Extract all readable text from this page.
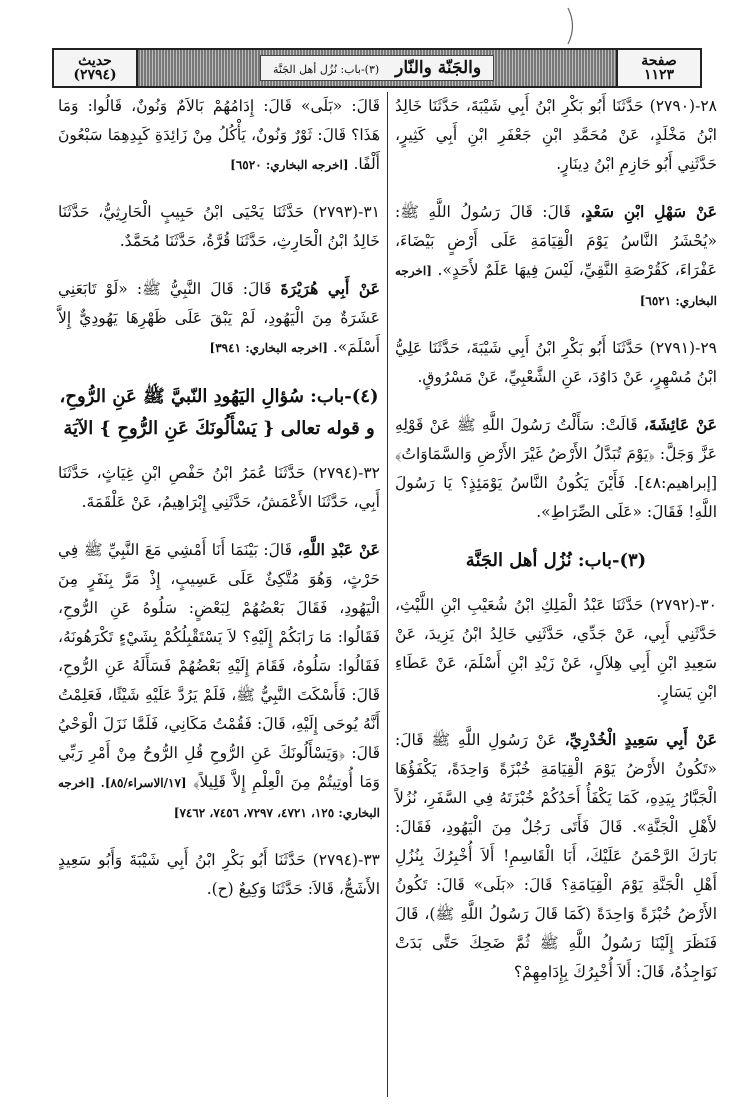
حديث
(٢٧٩٤)	والجَنّة والنّار
(٣)-باب: نُزُل أهل الجَنَّة
صفحة
١١٢٣

٢٨-(٢٧٩٠) حَدَّثَنَا أَبُو بَكْرِ ابْنُ أَبِي شَيْبَةَ، حَدَّثَنَا خَالِدُ ابْنُ مَخْلَدٍ، عَنْ مُحَمَّدِ ابْنِ جَعْفَرِ ابْنِ أَبِي كَثِيرٍ، حَدَّثَنِي أَبُو حَازِمِ ابْنُ دِينَارٍ.

عَنْ سَهْلِ ابْنِ سَعْدٍ، قَالَ: قَالَ رَسُولُ اللَّهِ ﷺ: «يُحْشَرُ النَّاسُ يَوْمَ الْقِيَامَةِ عَلَى أَرْضٍ بَيْضَاءَ، عَفْرَاءَ، كَقُرْصَةِ النَّقِيِّ، لَيْسَ فِيهَا عَلَمٌ لأَحَدٍ». [اخرجه البخاري: ٦٥٢١]

٢٩-(٢٧٩١) حَدَّثَنَا أَبُو بَكْرِ ابْنُ أَبِي شَيْبَةَ، حَدَّثَنَا عَلِيُّ ابْنُ مُسْهِرٍ، عَنْ دَاوُدَ، عَنِ الشَّعْبِيِّ، عَنْ مَسْرُوقٍ.

عَنْ عَائِشَةَ، قَالَتْ: سَأَلْتُ رَسُولَ اللَّهِ ﷺ عَنْ قَوْلِهِ عَزَّ وَجَلَّ: ﴿يَوْمَ تُبَدَّلُ الأَرْضُ غَيْرَ الأَرْضِ وَالسَّمَاوَاتُ﴾ [إبراهيم:٤٨]. فَأَيْنَ يَكُونُ النَّاسُ يَوْمَئِذٍ؟ يَا رَسُولَ اللَّهِ! فَقَالَ: «عَلَى الصِّرَاطِ».

(٣)-باب: نُزُل أهل الجَنَّة

٣٠-(٢٧٩٢) حَدَّثَنَا عَبْدُ الْمَلِكِ ابْنُ شُعَيْبِ ابْنِ اللَّيْثِ، حَدَّثَنِي أَبِي، عَنْ جَدِّي، حَدَّثَنِي خَالِدُ ابْنُ يَزِيدَ، عَنْ سَعِيدِ ابْنِ أَبِي هِلاَلٍ، عَنْ زَيْدِ ابْنِ أَسْلَمَ، عَنْ عَطَاءِ ابْنِ يَسَارٍ.

عَنْ أَبِي سَعِيدٍ الْخُدْرِيِّ، عَنْ رَسُولِ اللَّهِ ﷺ قَالَ: «تَكُونُ الأَرْضُ يَوْمَ الْقِيَامَةِ خُبْزَةً وَاحِدَةً، يَكْفَؤُهَا الْجَبَّارُ بِيَدِهِ، كَمَا يَكْفَأُ أَحَدُكُمْ خُبْزَتَهُ فِي السَّفَرِ، نُزُلاً لأَهْلِ الْجَنَّةِ». قَالَ فَأَتَى رَجُلٌ مِنَ الْيَهُودِ، فَقَالَ: بَارَكَ الرَّحْمَنُ عَلَيْكَ، أَبَا الْقَاسِمِ! أَلاَ أُخْبِرُكَ بِنُزُلِ أَهْلِ الْجَنَّةِ يَوْمَ الْقِيَامَةِ؟ قَالَ: «بَلَى» قَالَ: تَكُونُ الأَرْضُ خُبْزَةً وَاحِدَةً (كَمَا قَالَ رَسُولُ اللَّهِ ﷺ)، قَالَ فَنَظَرَ إِلَيْنَا رَسُولُ اللَّهِ ﷺ ثُمَّ ضَحِكَ حَتَّى بَدَتْ نَوَاجِذُهُ، قَالَ: أَلاَ أُخْبِرُكَ بِإِدَامِهِمْ؟

قَالَ: «بَلَى» قَالَ: إِدَامُهُمْ بَالاَمٌ وَنُونٌ، قَالُوا: وَمَا هَذَا؟ قَالَ: ثَوْرٌ وَنُونٌ، يَأْكُلُ مِنْ زَائِدَةِ كَبِدِهِمَا سَبْعُونَ أَلْفًا. [اخرجه البخاري: ٦٥٢٠]

٣١-(٢٧٩٣) حَدَّثَنَا يَحْيَى ابْنُ حَبِيبٍ الْحَارِثِيُّ، حَدَّثَنَا خَالِدُ ابْنُ الْحَارِثِ، حَدَّثَنَا قُرَّةُ، حَدَّثَنَا مُحَمَّدٌ.

عَنْ أَبِي هُرَيْرَةَ قَالَ: قَالَ النَّبِيُّ ﷺ: «لَوْ تَابَعَنِي عَشَرَةٌ مِنَ الْيَهُودِ، لَمْ يَبْقَ عَلَى ظَهْرِهَا يَهُودِيٌّ إِلاَّ أَسْلَمَ». [اخرجه البخاري: ٣٩٤١]

(٤)-باب: سُؤالِ اليَهُودِ النّبيَّ ﷺ عَنِ الرُّوحِ، و قوله تعالى { يَسْأَلُونَكَ عَنِ الرُّوحِ } الآيَة

٣٢-(٢٧٩٤) حَدَّثَنَا عُمَرُ ابْنُ حَفْصِ ابْنِ غِيَاثٍ، حَدَّثَنَا أَبِي، حَدَّثَنَا الأَعْمَشُ، حَدَّثَنِي إِبْرَاهِيمُ، عَنْ عَلْقَمَةَ.

عَنْ عَبْدِ اللَّهِ، قَالَ: بَيْنَمَا أَنَا أَمْشِي مَعَ النَّبِيِّ ﷺ فِي حَرْثٍ، وَهُوَ مُتَّكِئٌ عَلَى عَسِيبٍ، إِذْ مَرَّ بِنَفَرٍ مِنَ الْيَهُودِ، فَقَالَ بَعْضُهُمْ لِبَعْضٍ: سَلُوهُ عَنِ الرُّوحِ، فَقَالُوا: مَا رَابَكُمْ إِلَيْهِ؟ لاَ يَسْتَقْبِلُكُمْ بِشَيْءٍ تَكْرَهُونَهُ، فَقَالُوا: سَلُوهُ، فَقَامَ إِلَيْهِ بَعْضُهُمْ فَسَأَلَهُ عَنِ الرُّوحِ، قَالَ: فَأَسْكَتَ النَّبِيُّ ﷺ، فَلَمْ يَرُدَّ عَلَيْهِ شَيْئًا، فَعَلِمْتُ أَنَّهُ يُوحَى إِلَيْهِ، قَالَ: فَقُمْتُ مَكَانِي، فَلَمَّا نَزَلَ الْوَحْيُ قَالَ: ﴿وَيَسْأَلُونَكَ عَنِ الرُّوحِ قُلِ الرُّوحُ مِنْ أَمْرِ رَبِّي وَمَا أُوتِيتُمْ مِنَ الْعِلْمِ إِلاَّ قَلِيلاً﴾ [١٧/الاسراء/٨٥]. [اخرجه البخاري: ١٢٥، ٤٧٢١، ٧٢٩٧، ٧٤٥٦، ٧٤٦٢]

٣٣-(٢٧٩٤) حَدَّثَنَا أَبُو بَكْرِ ابْنُ أَبِي شَيْبَةَ وَأَبُو سَعِيدٍ الأَشَجُّ، قَالاَ: حَدَّثَنَا وَكِيعٌ (ح).
